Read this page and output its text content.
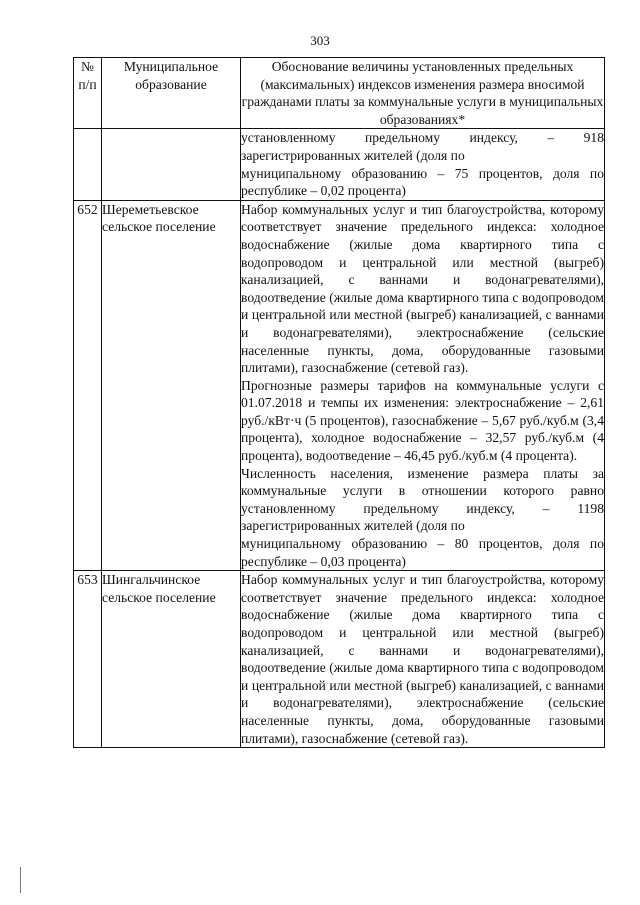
303
№ п/п	Муниципальное образование	Обоснование величины установленных предельных (максимальных) индексов изменения размера вносимой гражданами платы за коммунальные услуги в муниципальных образованиях*

		установленному предельному индексу, – 918 зарегистрированных жителей (доля по

муниципальному образованию – 75 процентов, доля по республике – 0,02 процента)

652	Шереметьевское сельское поселение	Набор коммунальных услуг и тип благоустройства, которому соответствует значение предельного индекса: холодное водоснабжение (жилые дома квартирного типа с водопроводом и центральной или местной (выгреб) канализацией, с ваннами и водонагревателями), водоотведение (жилые дома квартирного типа с водопроводом и центральной или местной (выгреб) канализацией, с ваннами и водонагревателями), электроснабжение (сельские населенные пункты, дома, оборудованные газовыми плитами), газоснабжение (сетевой газ).

Прогнозные размеры тарифов на коммунальные услуги с 01.07.2018 и темпы их изменения: электроснабжение – 2,61 руб./кВт·ч (5 процентов), газоснабжение – 5,67 руб./куб.м (3,4 процента), холодное водоснабжение – 32,57 руб./куб.м (4 процента), водоотведение – 46,45 руб./куб.м (4 процента).

Численность населения, изменение размера платы за коммунальные услуги в отношении которого равно установленному предельному индексу, – 1198 зарегистрированных жителей (доля по

муниципальному образованию – 80 процентов, доля по республике – 0,03 процента)

653	Шингальчинское сельское поселение	Набор коммунальных услуг и тип благоустройства, которому соответствует значение предельного индекса: холодное водоснабжение (жилые дома квартирного типа с водопроводом и центральной или местной (выгреб) канализацией, с ваннами и водонагревателями), водоотведение (жилые дома квартирного типа с водопроводом и центральной или местной (выгреб) канализацией, с ваннами и водонагревателями), электроснабжение (сельские населенные пункты, дома, оборудованные газовыми плитами), газоснабжение (сетевой газ).
